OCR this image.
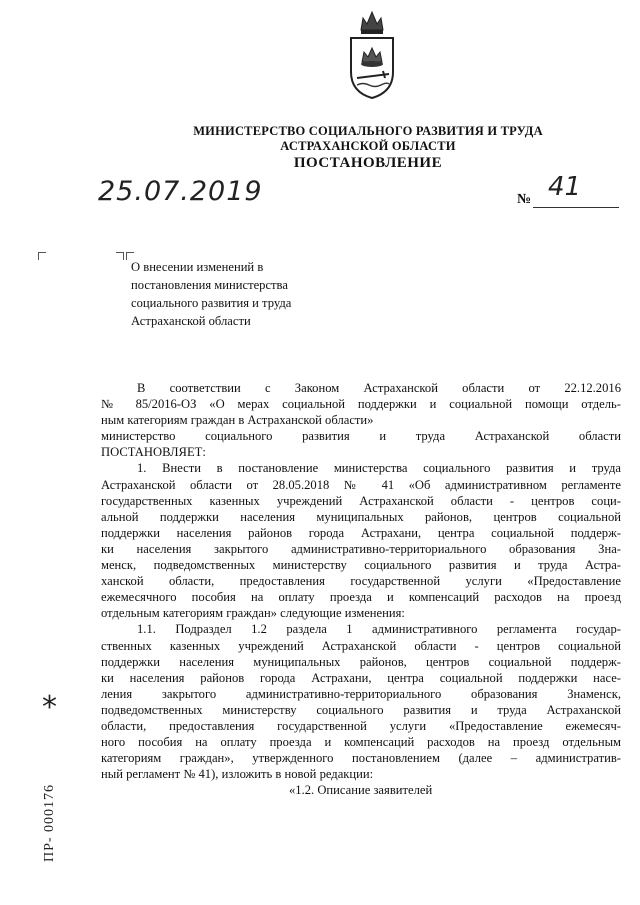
МИНИСТЕРСТВО СОЦИАЛЬНОГО РАЗВИТИЯ И ТРУДА
АСТРАХАНСКОЙ ОБЛАСТИ
ПОСТАНОВЛЕНИЕ
25.07.2019	№ 41
О внесении изменений в
постановления министерства
социального развития и труда
Астраханской области
В соответствии с Законом Астраханской области от 22.12.2016
№ 85/2016-ОЗ «О мерах социальной поддержки и социальной помощи отдель-
ным категориям граждан в Астраханской области»
министерство социального развития и труда Астраханской области
ПОСТАНОВЛЯЕТ:
1. Внести в постановление министерства социального развития и труда
Астраханской области от 28.05.2018 № 41 «Об административном регламенте
государственных казенных учреждений Астраханской области - центров соци-
альной поддержки населения муниципальных районов, центров социальной
поддержки населения районов города Астрахани, центра социальной поддерж-
ки населения закрытого административно-территориального образования Зна-
менск, подведомственных министерству социального развития и труда Астра-
ханской области, предоставления государственной услуги «Предоставление
ежемесячного пособия на оплату проезда и компенсаций расходов на проезд
отдельным категориям граждан» следующие изменения:
1.1. Подраздел 1.2 раздела 1 административного регламента государ-
ственных казенных учреждений Астраханской области - центров социальной
поддержки населения муниципальных районов, центров социальной поддерж-
ки населения районов города Астрахани, центра социальной поддержки насе-
ления закрытого административно-территориального образования Знаменск,
подведомственных министерству социального развития и труда Астраханской
области, предоставления государственной услуги «Предоставление ежемесяч-
ного пособия на оплату проезда и компенсаций расходов на проезд отдельным
категориям граждан», утвержденного постановлением (далее – административ-
ный регламент № 41), изложить в новой редакции:
«1.2. Описание заявителей
*
ПР- 000176
